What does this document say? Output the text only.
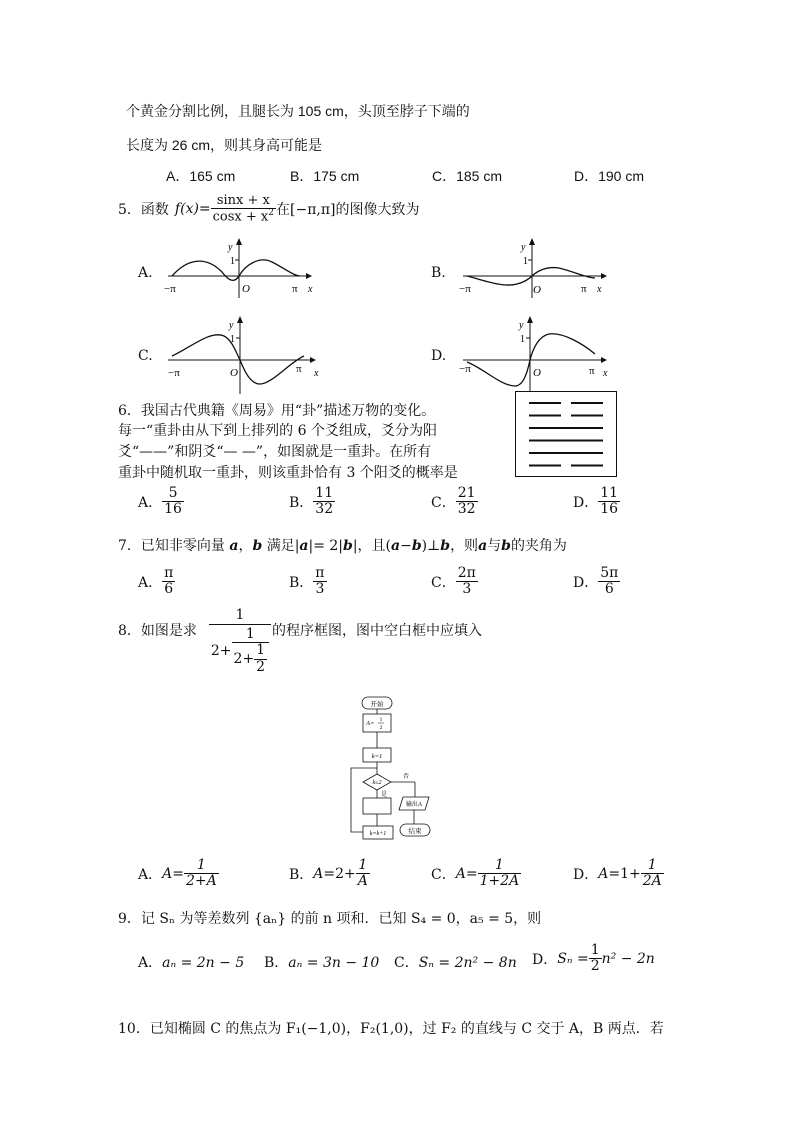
个黄金分割比例，且腿长为 105 cm，头顶至脖子下端的
长度为 26 cm，则其身高可能是
A．165 cm	B．175 cm	C．185 cm	D．190 cm
5．函数 $f(x)= \frac{\sin x + x}{\cos x + x^2}$ 在[−π,π]的图像大致为
A.	B.
C.	D.
y
1
O
−π	π x
y
1
O
−π	π x
y
1
O
−π	π x
y
1
O
−π	π x
6．我国古代典籍《周易》用“卦”描述万物的变化。
每一“重卦由从下到上排列的 6 个爻组成，爻分为阳
爻“——”和阴爻“— —”，如图就是一重卦。在所有
重卦中随机取一重卦，则该重卦恰有 3 个阳爻的概率是
A． $\frac{5}{16}$	B． $\frac{11}{32}$	C． $\frac{21}{32}$	D． $\frac{11}{16}$
7．已知非零向量 a，b 满足|a|= 2|b|，且(a−b)⊥b，则a与b的夹角为
A． $\frac{\pi}{6}$	B． $\frac{\pi}{3}$	C． $\frac{2\pi}{3}$	D． $\frac{5\pi}{6}$
8．如图是求
1
$2+ \frac{1}{2+ \frac{1}{2}}$ 的程序框图，图中空白框中应填入
开始
A= 1
2
k=1
k≤2
否
是
k=k+1
输出A
结束
A． $A= \frac{1}{2+A}$	B． $A= 2+ \frac{1}{A}$	C． $A= \frac{1}{1+2A}$	D． $A= 1+ \frac{1}{2A}$
9．记 Sₙ 为等差数列 {aₙ} 的前 n 项和．已知 S₄ = 0，a₅ = 5，则
A．aₙ = 2n − 5 B．aₙ = 3n − 10 C．Sₙ = 2n² − 8n D． $S_n = \frac{1}{2} n^2 - 2n$
10．已知椭圆 C 的焦点为 F₁(−1,0)，F₂(1,0)，过 F₂ 的直线与 C 交于 A，B 两点．若
